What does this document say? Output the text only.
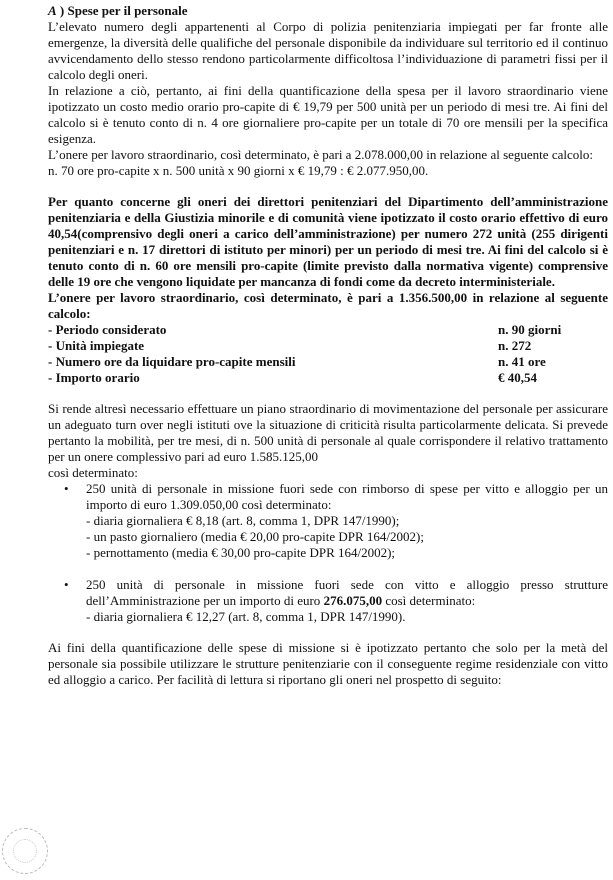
A ) Spese per il personale

L’elevato numero degli appartenenti al Corpo di polizia penitenziaria impiegati per far fronte alle emergenze, la diversità delle qualifiche del personale disponibile da individuare sul territorio ed il continuo avvicendamento dello stesso rendono particolarmente difficoltosa l’individuazione di parametri fissi per il calcolo degli oneri.

In relazione a ciò, pertanto, ai fini della quantificazione della spesa per il lavoro straordinario viene ipotizzato un costo medio orario pro-capite di € 19,79 per 500 unità per un periodo di mesi tre. Ai fini del calcolo si è tenuto conto di n. 4 ore giornaliere pro-capite per un totale di 70 ore mensili per la specifica esigenza.

L’onere per lavoro straordinario, così determinato, è pari a 2.078.000,00 in relazione al seguente calcolo:

n. 70 ore pro-capite x n. 500 unità x 90 giorni x € 19,79 : € 2.077.950,00.

Per quanto concerne gli oneri dei direttori penitenziari del Dipartimento dell’amministrazione penitenziaria e della Giustizia minorile e di comunità viene ipotizzato il costo orario effettivo di euro 40,54(comprensivo degli oneri a carico dell’amministrazione) per numero 272 unità (255 dirigenti penitenziari e n. 17 direttori di istituto per minori) per un periodo di mesi tre. Ai fini del calcolo si è tenuto conto di n. 60 ore mensili pro-capite (limite previsto dalla normativa vigente) comprensive delle 19 ore che vengono liquidate per mancanza di fondi come da decreto interministeriale.

L’onere per lavoro straordinario, così determinato, è pari a 1.356.500,00 in relazione al seguente calcolo:

- Periodo considerato	n. 90 giorni
- Unità impiegate	n. 272
- Numero ore da liquidare pro-capite mensili	n. 41 ore
- Importo orario	€ 40,54

Si rende altresì necessario effettuare un piano straordinario di movimentazione del personale per assicurare un adeguato turn over negli istituti ove la situazione di criticità risulta particolarmente delicata. Si prevede pertanto la mobilità, per tre mesi, di n. 500 unità di personale al quale corrispondere il relativo trattamento per un onere complessivo pari ad euro 1.585.125,00

così determinato:

• 250 unità di personale in missione fuori sede con rimborso di spese per vitto e alloggio per un importo di euro 1.309.050,00 così determinato:

- diaria giornaliera € 8,18 (art. 8, comma 1, DPR 147/1990);

- un pasto giornaliero (media € 20,00 pro-capite DPR 164/2002);

- pernottamento (media € 30,00 pro-capite DPR 164/2002);

• 250 unità di personale in missione fuori sede con vitto e alloggio presso strutture dell’Amministrazione per un importo di euro 276.075,00 così determinato:

- diaria giornaliera € 12,27 (art. 8, comma 1, DPR 147/1990).

Ai fini della quantificazione delle spese di missione si è ipotizzato pertanto che solo per la metà del personale sia possibile utilizzare le strutture penitenziarie con il conseguente regime residenziale con vitto ed alloggio a carico. Per facilità di lettura si riportano gli oneri nel prospetto di seguito:
